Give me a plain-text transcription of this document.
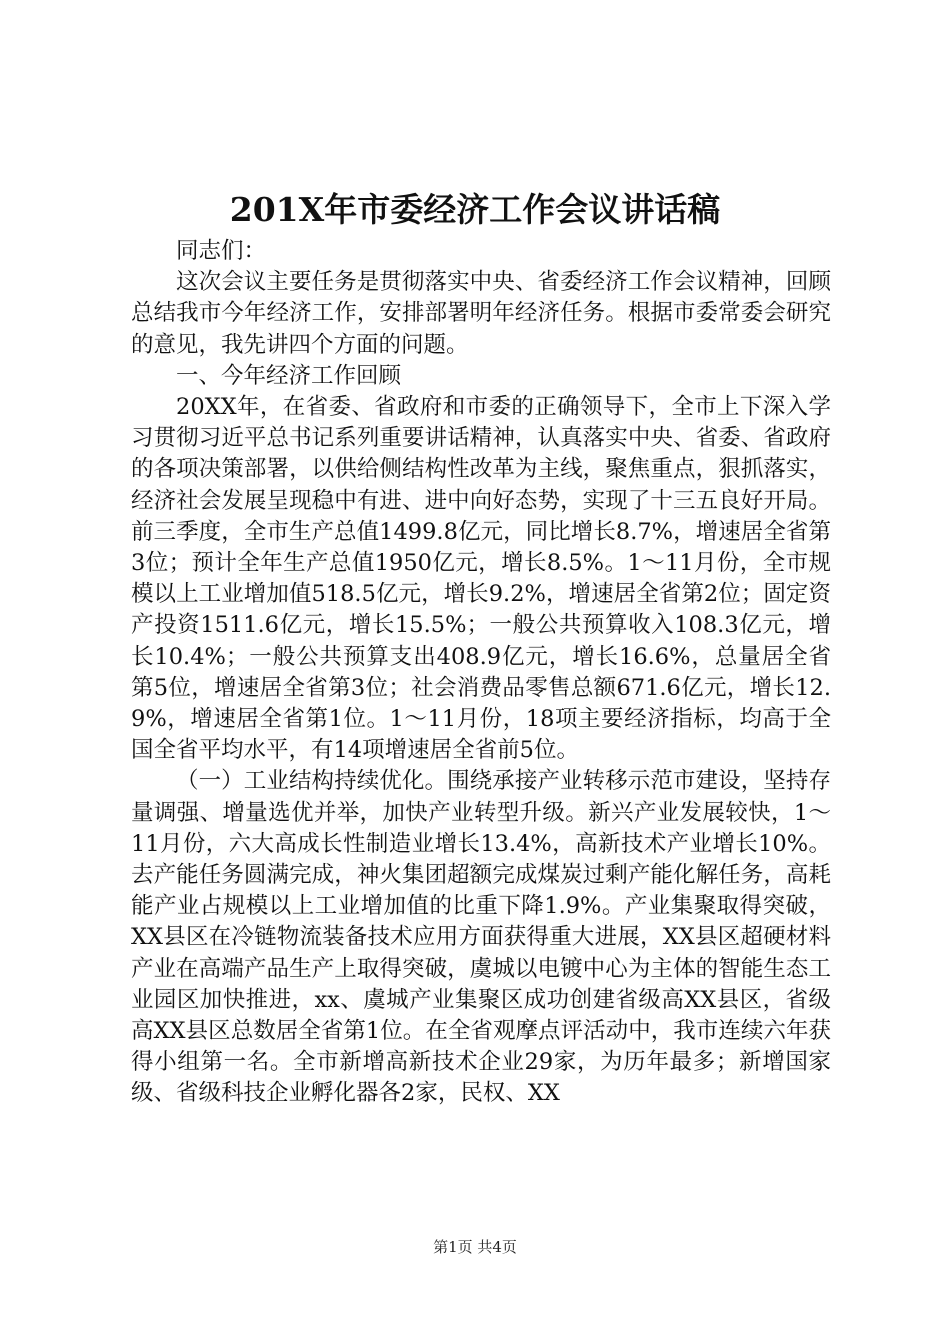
201X年市委经济工作会议讲话稿

同志们：

这次会议主要任务是贯彻落实中央、省委经济工作会议精神，回顾总结我市今年经济工作，安排部署明年经济任务。根据市委常委会研究的意见，我先讲四个方面的问题。

一、今年经济工作回顾

20XX年，在省委、省政府和市委的正确领导下，全市上下深入学习贯彻习近平总书记系列重要讲话精神，认真落实中央、省委、省政府的各项决策部署，以供给侧结构性改革为主线，聚焦重点，狠抓落实，经济社会发展呈现稳中有进、进中向好态势，实现了十三五良好开局。前三季度，全市生产总值1499.8亿元，同比增长8.7%，增速居全省第3位；预计全年生产总值1950亿元，增长8.5%。1～11月份，全市规模以上工业增加值518.5亿元，增长9.2%，增速居全省第2位；固定资产投资1511.6亿元，增长15.5%；一般公共预算收入108.3亿元，增长10.4%；一般公共预算支出408.9亿元，增长16.6%，总量居全省第5位，增速居全省第3位；社会消费品零售总额671.6亿元，增长12.9%，增速居全省第1位。1～11月份，18项主要经济指标，均高于全国全省平均水平，有14项增速居全省前5位。

（一）工业结构持续优化。围绕承接产业转移示范市建设，坚持存量调强、增量选优并举，加快产业转型升级。新兴产业发展较快，1～11月份，六大高成长性制造业增长13.4%，高新技术产业增长10%。去产能任务圆满完成，神火集团超额完成煤炭过剩产能化解任务，高耗能产业占规模以上工业增加值的比重下降1.9%。产业集聚取得突破，XX县区在冷链物流装备技术应用方面获得重大进展，XX县区超硬材料产业在高端产品生产上取得突破，虞城以电镀中心为主体的智能生态工业园区加快推进，xx、虞城产业集聚区成功创建省级高XX县区，省级高XX县区总数居全省第1位。在全省观摩点评活动中，我市连续六年获得小组第一名。全市新增高新技术企业29家，为历年最多；新增国家级、省级科技企业孵化器各2家，民权、XX

第1页 共4页
